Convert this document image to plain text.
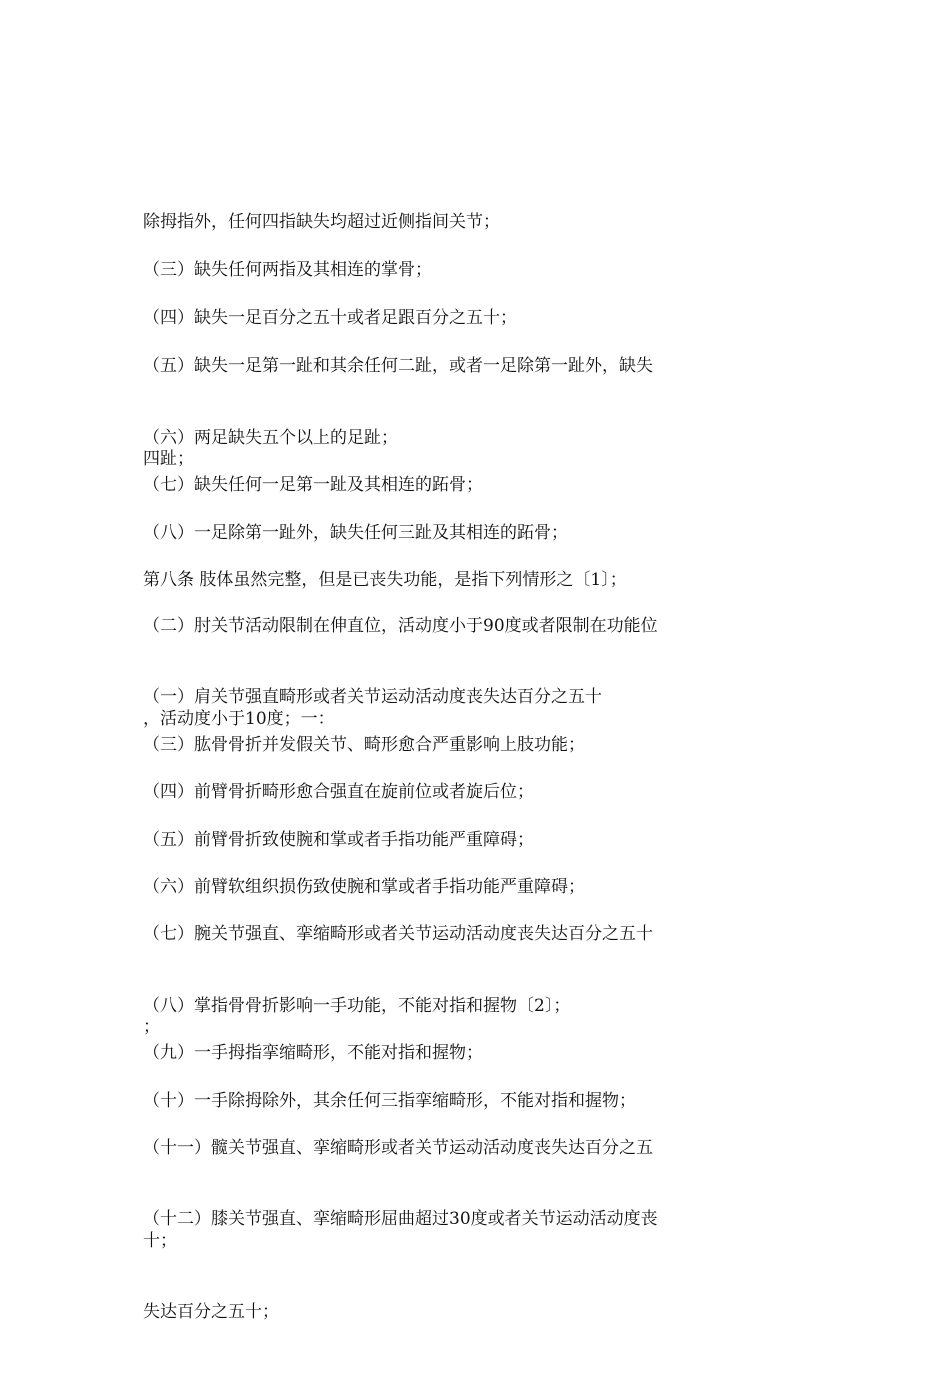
除拇指外，任何四指缺失均超过近侧指间关节；

（三）缺失任何两指及其相连的掌骨；

（四）缺失一足百分之五十或者足跟百分之五十；

（五）缺失一足第一趾和其余任何二趾，或者一足除第一趾外，缺失

四趾；

（六）两足缺失五个以上的足趾；

（七）缺失任何一足第一趾及其相连的跖骨；

（八）一足除第一趾外，缺失任何三趾及其相连的跖骨；

第八条 肢体虽然完整，但是已丧失功能，是指下列情形之〔1〕；

（二）肘关节活动限制在伸直位，活动度小于90度或者限制在功能位

，活动度小于10度；一：

（一）肩关节强直畸形或者关节运动活动度丧失达百分之五十

（三）肱骨骨折并发假关节、畸形愈合严重影响上肢功能；

（四）前臂骨折畸形愈合强直在旋前位或者旋后位；

（五）前臂骨折致使腕和掌或者手指功能严重障碍；

（六）前臂软组织损伤致使腕和掌或者手指功能严重障碍；

（七）腕关节强直、挛缩畸形或者关节运动活动度丧失达百分之五十

；

（八）掌指骨骨折影响一手功能，不能对指和握物〔2〕；

（九）一手拇指挛缩畸形，不能对指和握物；

（十）一手除拇除外，其余任何三指挛缩畸形，不能对指和握物；

（十一）髋关节强直、挛缩畸形或者关节运动活动度丧失达百分之五

十；

（十二）膝关节强直、挛缩畸形屈曲超过30度或者关节运动活动度丧

失达百分之五十；
